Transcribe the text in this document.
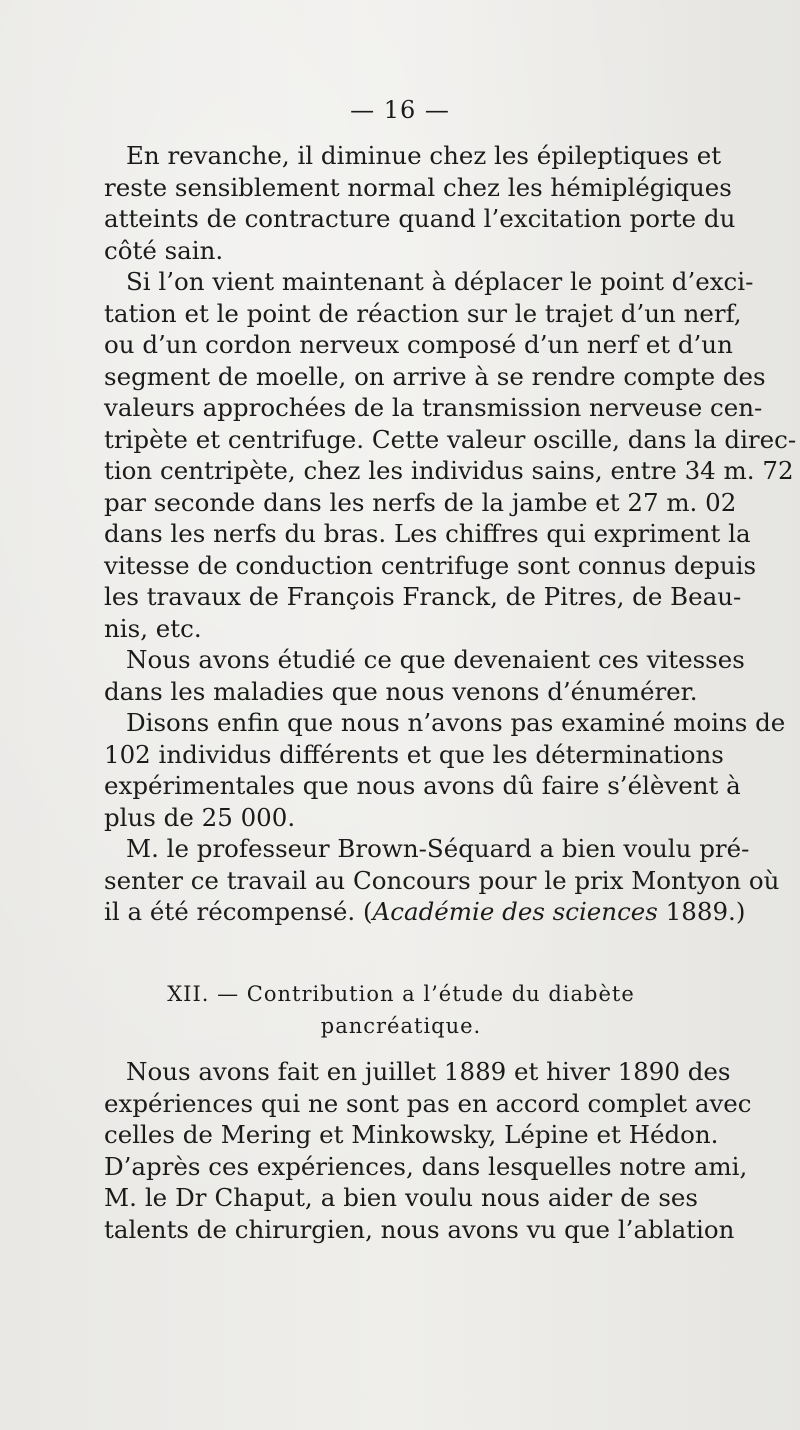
— 16 —
En revanche, il diminue chez les épileptiques et
reste sensiblement normal chez les hémiplégiques
atteints de contracture quand l’excitation porte du
côté sain.
Si l’on vient maintenant à déplacer le point d’exci-
tation et le point de réaction sur le trajet d’un nerf,
ou d’un cordon nerveux composé d’un nerf et d’un
segment de moelle, on arrive à se rendre compte des
valeurs approchées de la transmission nerveuse cen-
tripète et centrifuge. Cette valeur oscille, dans la direc-
tion centripète, chez les individus sains, entre 34 m. 72
par seconde dans les nerfs de la jambe et 27 m. 02
dans les nerfs du bras. Les chiffres qui expriment la
vitesse de conduction centrifuge sont connus depuis
les travaux de François Franck, de Pitres, de Beau-
nis, etc.
Nous avons étudié ce que devenaient ces vitesses
dans les maladies que nous venons d’énumérer.
Disons enfin que nous n’avons pas examiné moins de
102 individus différents et que les déterminations
expérimentales que nous avons dû faire s’élèvent à
plus de 25 000.
M. le professeur Brown-Séquard a bien voulu pré-
senter ce travail au Concours pour le prix Montyon où
il a été récompensé. (Académie des sciences 1889.)
XII. — Contribution a l’étude du diabète
pancréatique.
Nous avons fait en juillet 1889 et hiver 1890 des
expériences qui ne sont pas en accord complet avec
celles de Mering et Minkowsky, Lépine et Hédon.
D’après ces expériences, dans lesquelles notre ami,
M. le Dr Chaput, a bien voulu nous aider de ses
talents de chirurgien, nous avons vu que l’ablation
